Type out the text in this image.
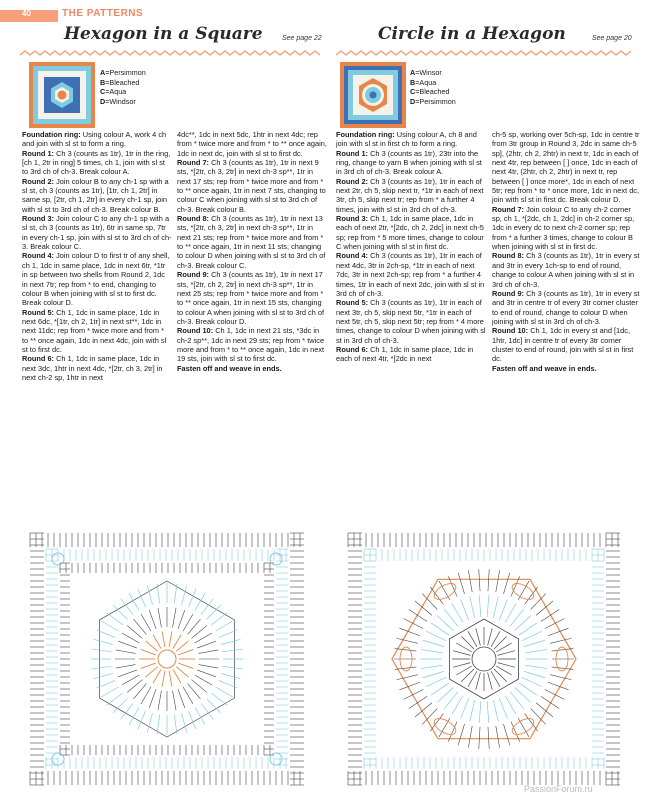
40	THE PATTERNS
Hexagon in a Square	See page 22
A=Persimmon
B=Bleached
C=Aqua
D=Windsor

Foundation ring: Using colour A, work 4 ch and join with sl st to form a ring.

Round 1: Ch 3 (counts as 1tr), 1tr in the ring, [ch 1, 2tr in ring] 5 times, ch 1, join with sl st to 3rd ch of ch-3. Break colour A.

Round 2: Join colour B to any ch-1 sp with a sl st, ch 3 (counts as 1tr), [1tr, ch 1, 2tr] in same sp, [2tr, ch 1, 2tr] in every ch-1 sp, join with sl st to 3rd ch of ch-3. Break colour B.

Round 3: Join colour C to any ch-1 sp with a sl st, ch 3 (counts as 1tr), 6tr in same sp, 7tr in every ch-1 sp, join with sl st to 3rd ch of ch-3. Break colour C.

Round 4: Join colour D to first tr of any shell, ch 1, 1dc in same place, 1dc in next 6tr, *1tr in sp between two shells from Round 2, 1dc in next 7tr; rep from * to end, changing to colour B when joining with sl st to first dc. Break colour D.

Round 5: Ch 1, 1dc in same place, 1dc in next 6dc, *[1tr, ch 2, 1tr] in next st**, 1dc in next 11dc; rep from * twice more and from * to ** once again, 1dc in next 4dc, join with sl st to first dc.

Round 6: Ch 1, 1dc in same place, 1dc in next 3dc, 1htr in next 4dc, *[2tr, ch 3, 2tr] in next ch-2 sp, 1htr in next

4dc**, 1dc in next 5dc, 1htr in next 4dc; rep from * twice more and from * to ** once again, 1dc in next dc, join with sl st to first dc.

Round 7: Ch 3 (counts as 1tr), 1tr in next 9 sts, *[2tr, ch 3, 2tr] in next ch-3 sp**, 1tr in next 17 sts; rep from * twice more and from * to ** once again, 1tr in next 7 sts, changing to colour C when joining with sl st to 3rd ch of ch-3. Break colour B.

Round 8: Ch 3 (counts as 1tr), 1tr in next 13 sts, *[2tr, ch 3, 2tr] in next ch-3 sp**, 1tr in next 21 sts; rep from * twice more and from * to ** once again, 1tr in next 11 sts, changing to colour D when joining with sl st to 3rd ch of ch-3. Break colour C.

Round 9: Ch 3 (counts as 1tr), 1tr in next 17 sts, *[2tr, ch 2, 2tr] in next ch-3 sp**, 1tr in next 25 sts; rep from * twice more and from * to ** once again, 1tr in next 15 sts, changing to colour A when joining with sl st to 3rd ch of ch-3. Break colour D.

Round 10: Ch 1, 1dc in next 21 sts, *3dc in ch-2 sp**, 1dc in next 29 sts; rep from * twice more and from * to ** once again, 1dc in next 19 sts, join with sl st to first dc.

Fasten off and weave in ends.

Circle in a Hexagon	See page 20
A=Winsor
B=Aqua
C=Bleached
D=Persimmon

Foundation ring: Using colour A, ch 8 and join with sl st in first ch to form a ring.

Round 1: Ch 3 (counts as 1tr), 23tr into the ring, change to yarn B when joining with sl st in 3rd ch of ch-3. Break colour A.

Round 2: Ch 3 (counts as 1tr), 1tr in each of next 2tr, ch 5, skip next tr, *1tr in each of next 3tr, ch 5, skip next tr; rep from * a further 4 times, join with sl st in 3rd ch of ch-3.

Round 3: Ch 1, 1dc in same place, 1dc in each of next 2tr, *[2dc, ch 2, 2dc] in next ch-5 sp; rep from * 5 more times, change to colour C when joining with sl st in first dc.

Round 4: Ch 3 (counts as 1tr), 1tr in each of next 4dc, 3tr in 2ch-sp, *1tr in each of next 7dc, 3tr in next 2ch-sp; rep from * a further 4 times, 1tr in each of next 2dc, join with sl st in 3rd ch of ch-3.

Round 5: Ch 3 (counts as 1tr), 1tr in each of next 3tr, ch 5, skip next 5tr, *1tr in each of next 5tr, ch 5, skip next 5tr; rep from * 4 more times, change to colour D when joining with sl st in 3rd ch of ch-3.

Round 6: Ch 1, 1dc in same place, 1dc in each of next 4tr, *[2dc in next

ch-5 sp, working over 5ch-sp, 1dc in centre tr from 3tr group in Round 3, 2dc in same ch-5 sp], (2htr, ch 2, 2htr) in next tr, 1dc in each of next 4tr, rep between [ ] once, 1dc in each of next 4tr, (2htr, ch 2, 2htr) in next tr, rep between [ ] once more*, 1dc in each of next 5tr; rep from * to * once more, 1dc in next dc, join with sl st in first dc. Break colour D.

Round 7: Join colour C to any ch-2 corner sp, ch 1, *[2dc, ch 1, 2dc] in ch-2 corner sp, 1dc in every dc to next ch-2 corner sp; rep from * a further 3 times, change to colour B when joining with sl st in first dc.

Round 8: Ch 3 (counts as 1tr), 1tr in every st and 3tr in every 1ch-sp to end of round, change to colour A when joining with sl st in 3rd ch of ch-3.

Round 9: Ch 3 (counts as 1tr), 1tr in every st and 3tr in centre tr of every 3tr corner cluster to end of round, change to colour D when joining with sl st in 3rd ch of ch-3.

Round 10: Ch 1, 1dc in every st and [1dc, 1htr, 1dc] in centre tr of every 3tr corner cluster to end of round, join with sl st in first dc.

Fasten off and weave in ends.

PassionForum.ru
